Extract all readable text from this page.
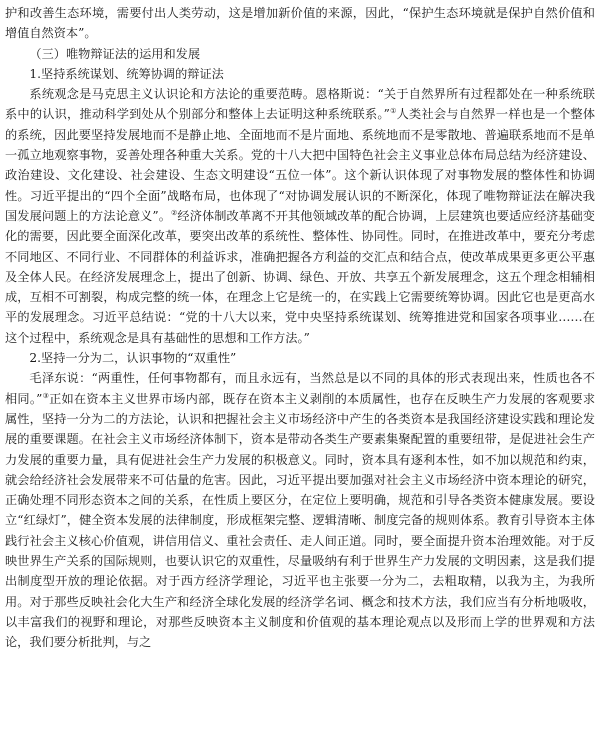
护和改善生态环境，需要付出人类劳动，这是增加新价值的来源，因此，“保护生态环境就是保护自然价值和增值自然资本”。

（三）唯物辩证法的运用和发展

1.坚持系统谋划、统筹协调的辩证法

系统观念是马克思主义认识论和方法论的重要范畴。恩格斯说：“关于自然界所有过程都处在一种系统联系中的认识，推动科学到处从个别部分和整体上去证明这种系统联系。”①人类社会与自然界一样也是一个整体的系统，因此要坚持发展地而不是静止地、全面地而不是片面地、系统地而不是零散地、普遍联系地而不是单一孤立地观察事物，妥善处理各种重大关系。党的十八大把中国特色社会主义事业总体布局总结为经济建设、政治建设、文化建设、社会建设、生态文明建设“五位一体”。这个新认识体现了对事物发展的整体性和协调性。习近平提出的“四个全面”战略布局，也体现了“对协调发展认识的不断深化，体现了唯物辩证法在解决我国发展问题上的方法论意义”。②经济体制改革离不开其他领域改革的配合协调，上层建筑也要适应经济基础变化的需要，因此要全面深化改革，要突出改革的系统性、整体性、协同性。同时，在推进改革中，要充分考虑不同地区、不同行业、不同群体的利益诉求，准确把握各方利益的交汇点和结合点，使改革成果更多更公平惠及全体人民。在经济发展理念上，提出了创新、协调、绿色、开放、共享五个新发展理念，这五个理念相辅相成，互相不可割裂，构成完整的统一体，在理念上它是统一的，在实践上它需要统筹协调。因此它也是更高水平的发展理念。习近平总结说：“党的十八大以来，党中央坚持系统谋划、统筹推进党和国家各项事业……在这个过程中，系统观念是具有基础性的思想和工作方法。”

2.坚持一分为二，认识事物的“双重性”

毛泽东说：“两重性，任何事物都有，而且永远有，当然总是以不同的具体的形式表现出来，性质也各不相同。”③正如在资本主义世界市场内部，既存在资本主义剥削的本质属性，也存在反映生产力发展的客观要求属性，坚持一分为二的方法论，认识和把握社会主义市场经济中产生的各类资本是我国经济建设实践和理论发展的重要课题。在社会主义市场经济体制下，资本是带动各类生产要素集聚配置的重要纽带，是促进社会生产力发展的重要力量，具有促进社会生产力发展的积极意义。同时，资本具有逐利本性，如不加以规范和约束，就会给经济社会发展带来不可估量的危害。因此，习近平提出要加强对社会主义市场经济中资本理论的研究，正确处理不同形态资本之间的关系，在性质上要区分，在定位上要明确，规范和引导各类资本健康发展。要设立“红绿灯”，健全资本发展的法律制度，形成框架完整、逻辑清晰、制度完备的规则体系。教育引导资本主体践行社会主义核心价值观，讲信用信义、重社会责任、走人间正道。同时，要全面提升资本治理效能。对于反映世界生产关系的国际规则，也要认识它的双重性，尽量吸纳有利于世界生产力发展的文明因素，这是我们提出制度型开放的理论依据。对于西方经济学理论，习近平也主张要一分为二，去粗取精，以我为主，为我所用。对于那些反映社会化大生产和经济全球化发展的经济学名词、概念和技术方法，我们应当有分析地吸收，以丰富我们的视野和理论，对那些反映资本主义制度和价值观的基本理论观点以及形而上学的世界观和方法论，我们要分析批判，与之
